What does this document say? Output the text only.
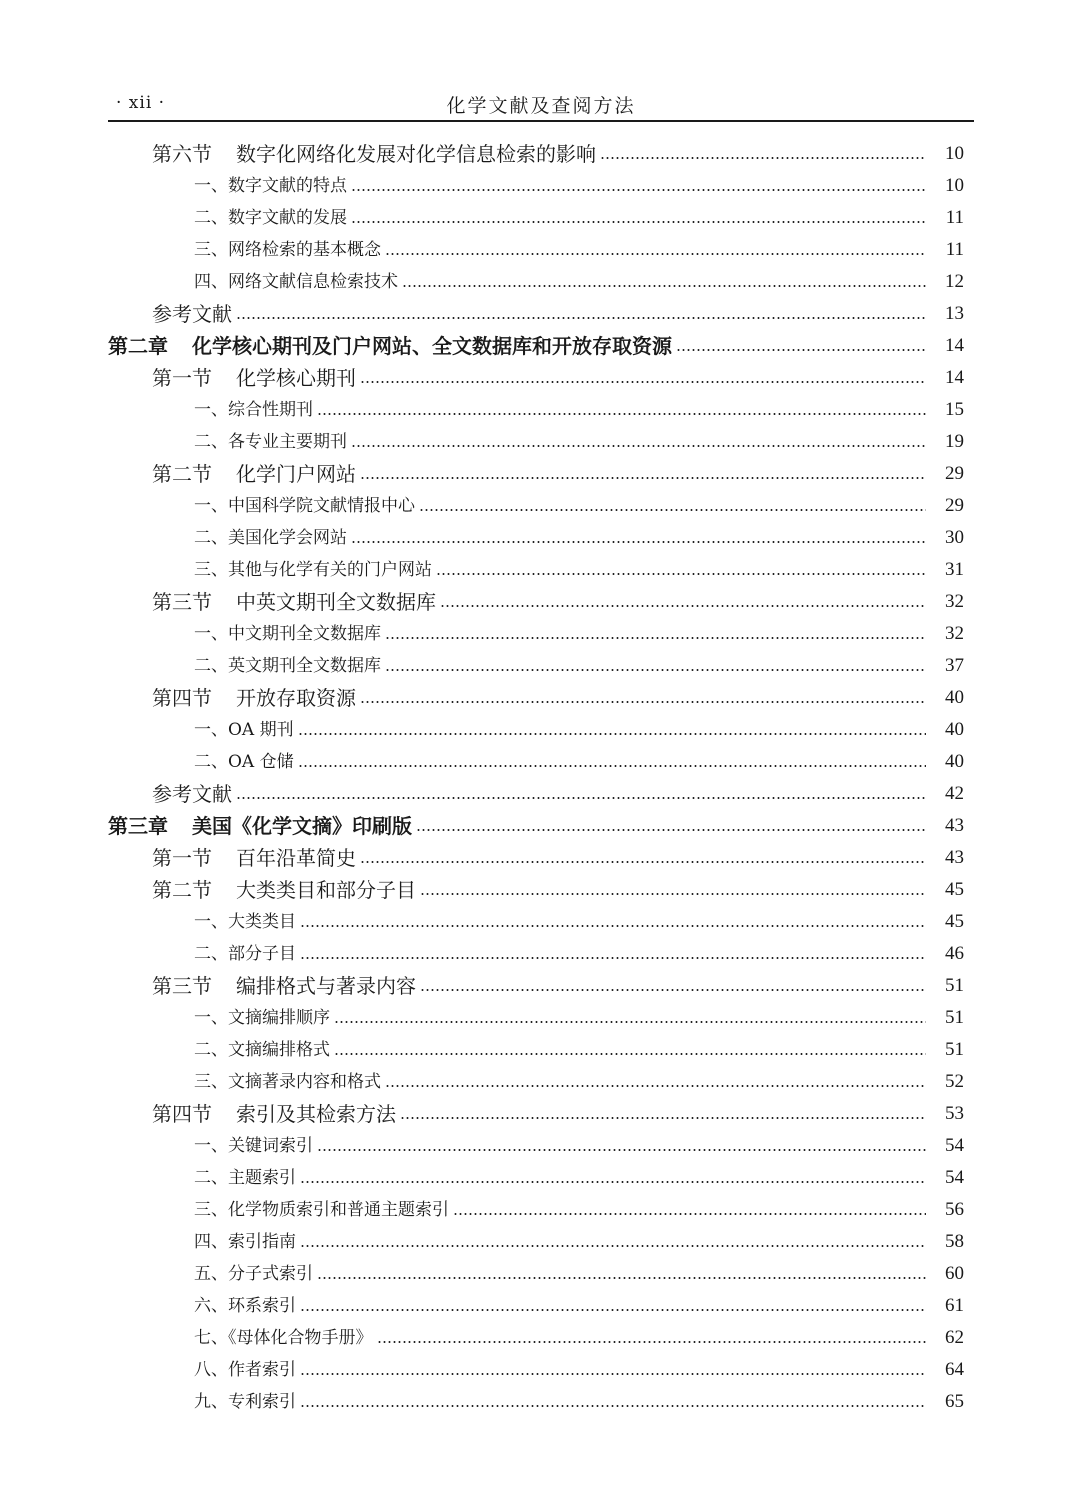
· xii ·	化学文献及查阅方法
第六节 数字化网络化发展对化学信息检索的影响	10
一、数字文献的特点	10
二、数字文献的发展	11
三、网络检索的基本概念	11
四、网络文献信息检索技术	12
参考文献	13
第二章 化学核心期刊及门户网站、全文数据库和开放存取资源	14
第一节 化学核心期刊	14
一、综合性期刊	15
二、各专业主要期刊	19
第二节 化学门户网站	29
一、中国科学院文献情报中心	29
二、美国化学会网站	30
三、其他与化学有关的门户网站	31
第三节 中英文期刊全文数据库	32
一、中文期刊全文数据库	32
二、英文期刊全文数据库	37
第四节 开放存取资源	40
一、OA 期刊	40
二、OA 仓储	40
参考文献	42
第三章 美国《化学文摘》印刷版	43
第一节 百年沿革简史	43
第二节 大类类目和部分子目	45
一、大类类目	45
二、部分子目	46
第三节 编排格式与著录内容	51
一、文摘编排顺序	51
二、文摘编排格式	51
三、文摘著录内容和格式	52
第四节 索引及其检索方法	53
一、关键词索引	54
二、主题索引	54
三、化学物质索引和普通主题索引	56
四、索引指南	58
五、分子式索引	60
六、环系索引	61
七、《母体化合物手册》	62
八、作者索引	64
九、专利索引	65
